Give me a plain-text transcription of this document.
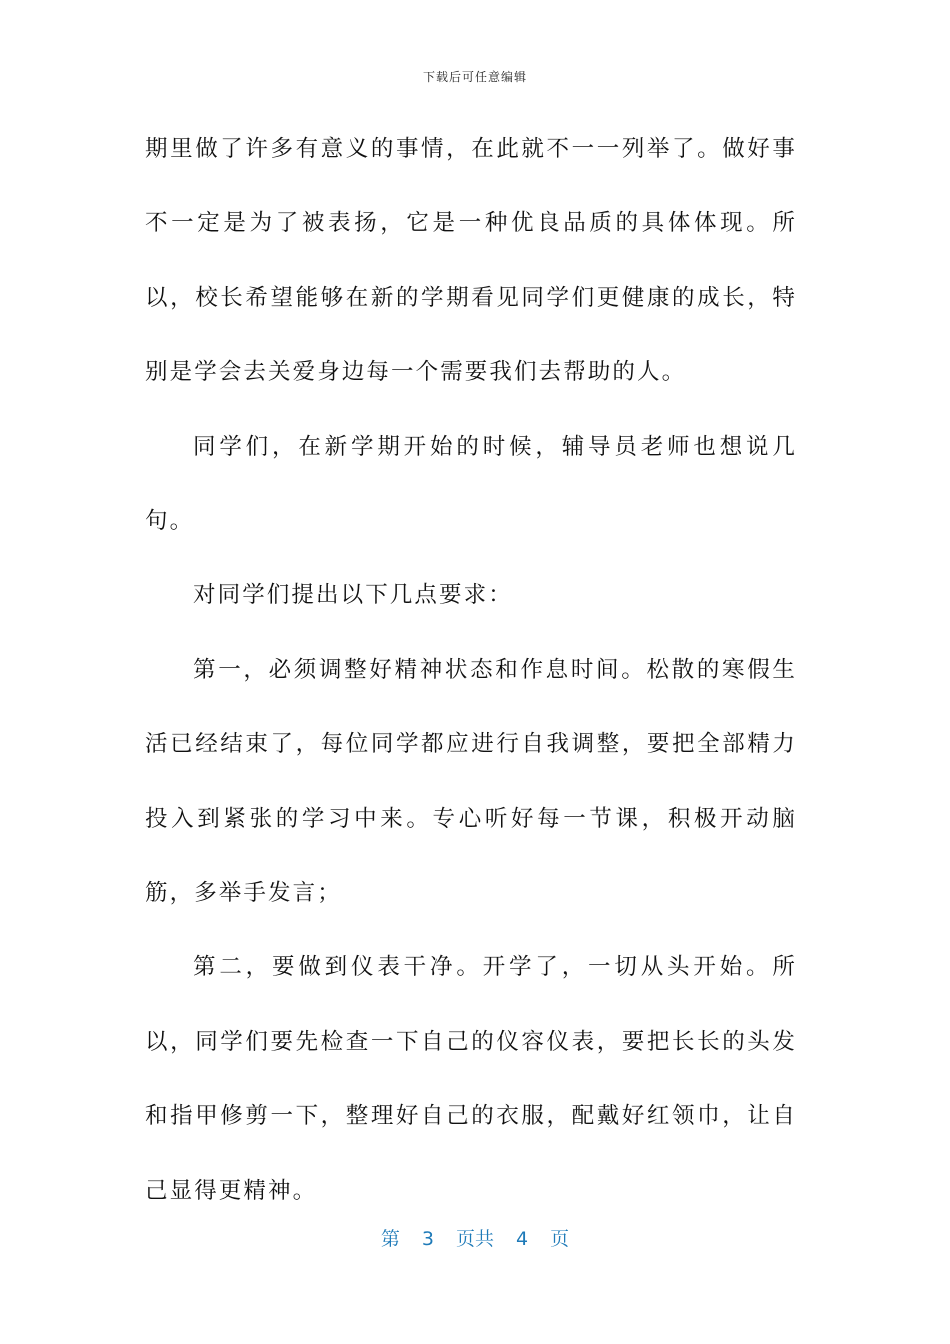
下载后可任意编辑

期里做了许多有意义的事情，在此就不一一列举了。做好事不一定是为了被表扬，它是一种优良品质的具体体现。所以，校长希望能够在新的学期看见同学们更健康的成长，特别是学会去关爱身边每一个需要我们去帮助的人。

同学们，在新学期开始的时候，辅导员老师也想说几句。

对同学们提出以下几点要求：

第一，必须调整好精神状态和作息时间。松散的寒假生活已经结束了，每位同学都应进行自我调整，要把全部精力投入到紧张的学习中来。专心听好每一节课，积极开动脑筋，多举手发言；

第二，要做到仪表干净。开学了，一切从头开始。所以，同学们要先检查一下自己的仪容仪表，要把长长的头发和指甲修剪一下，整理好自己的衣服，配戴好红领巾，让自己显得更精神。

第 3 页共 4 页
